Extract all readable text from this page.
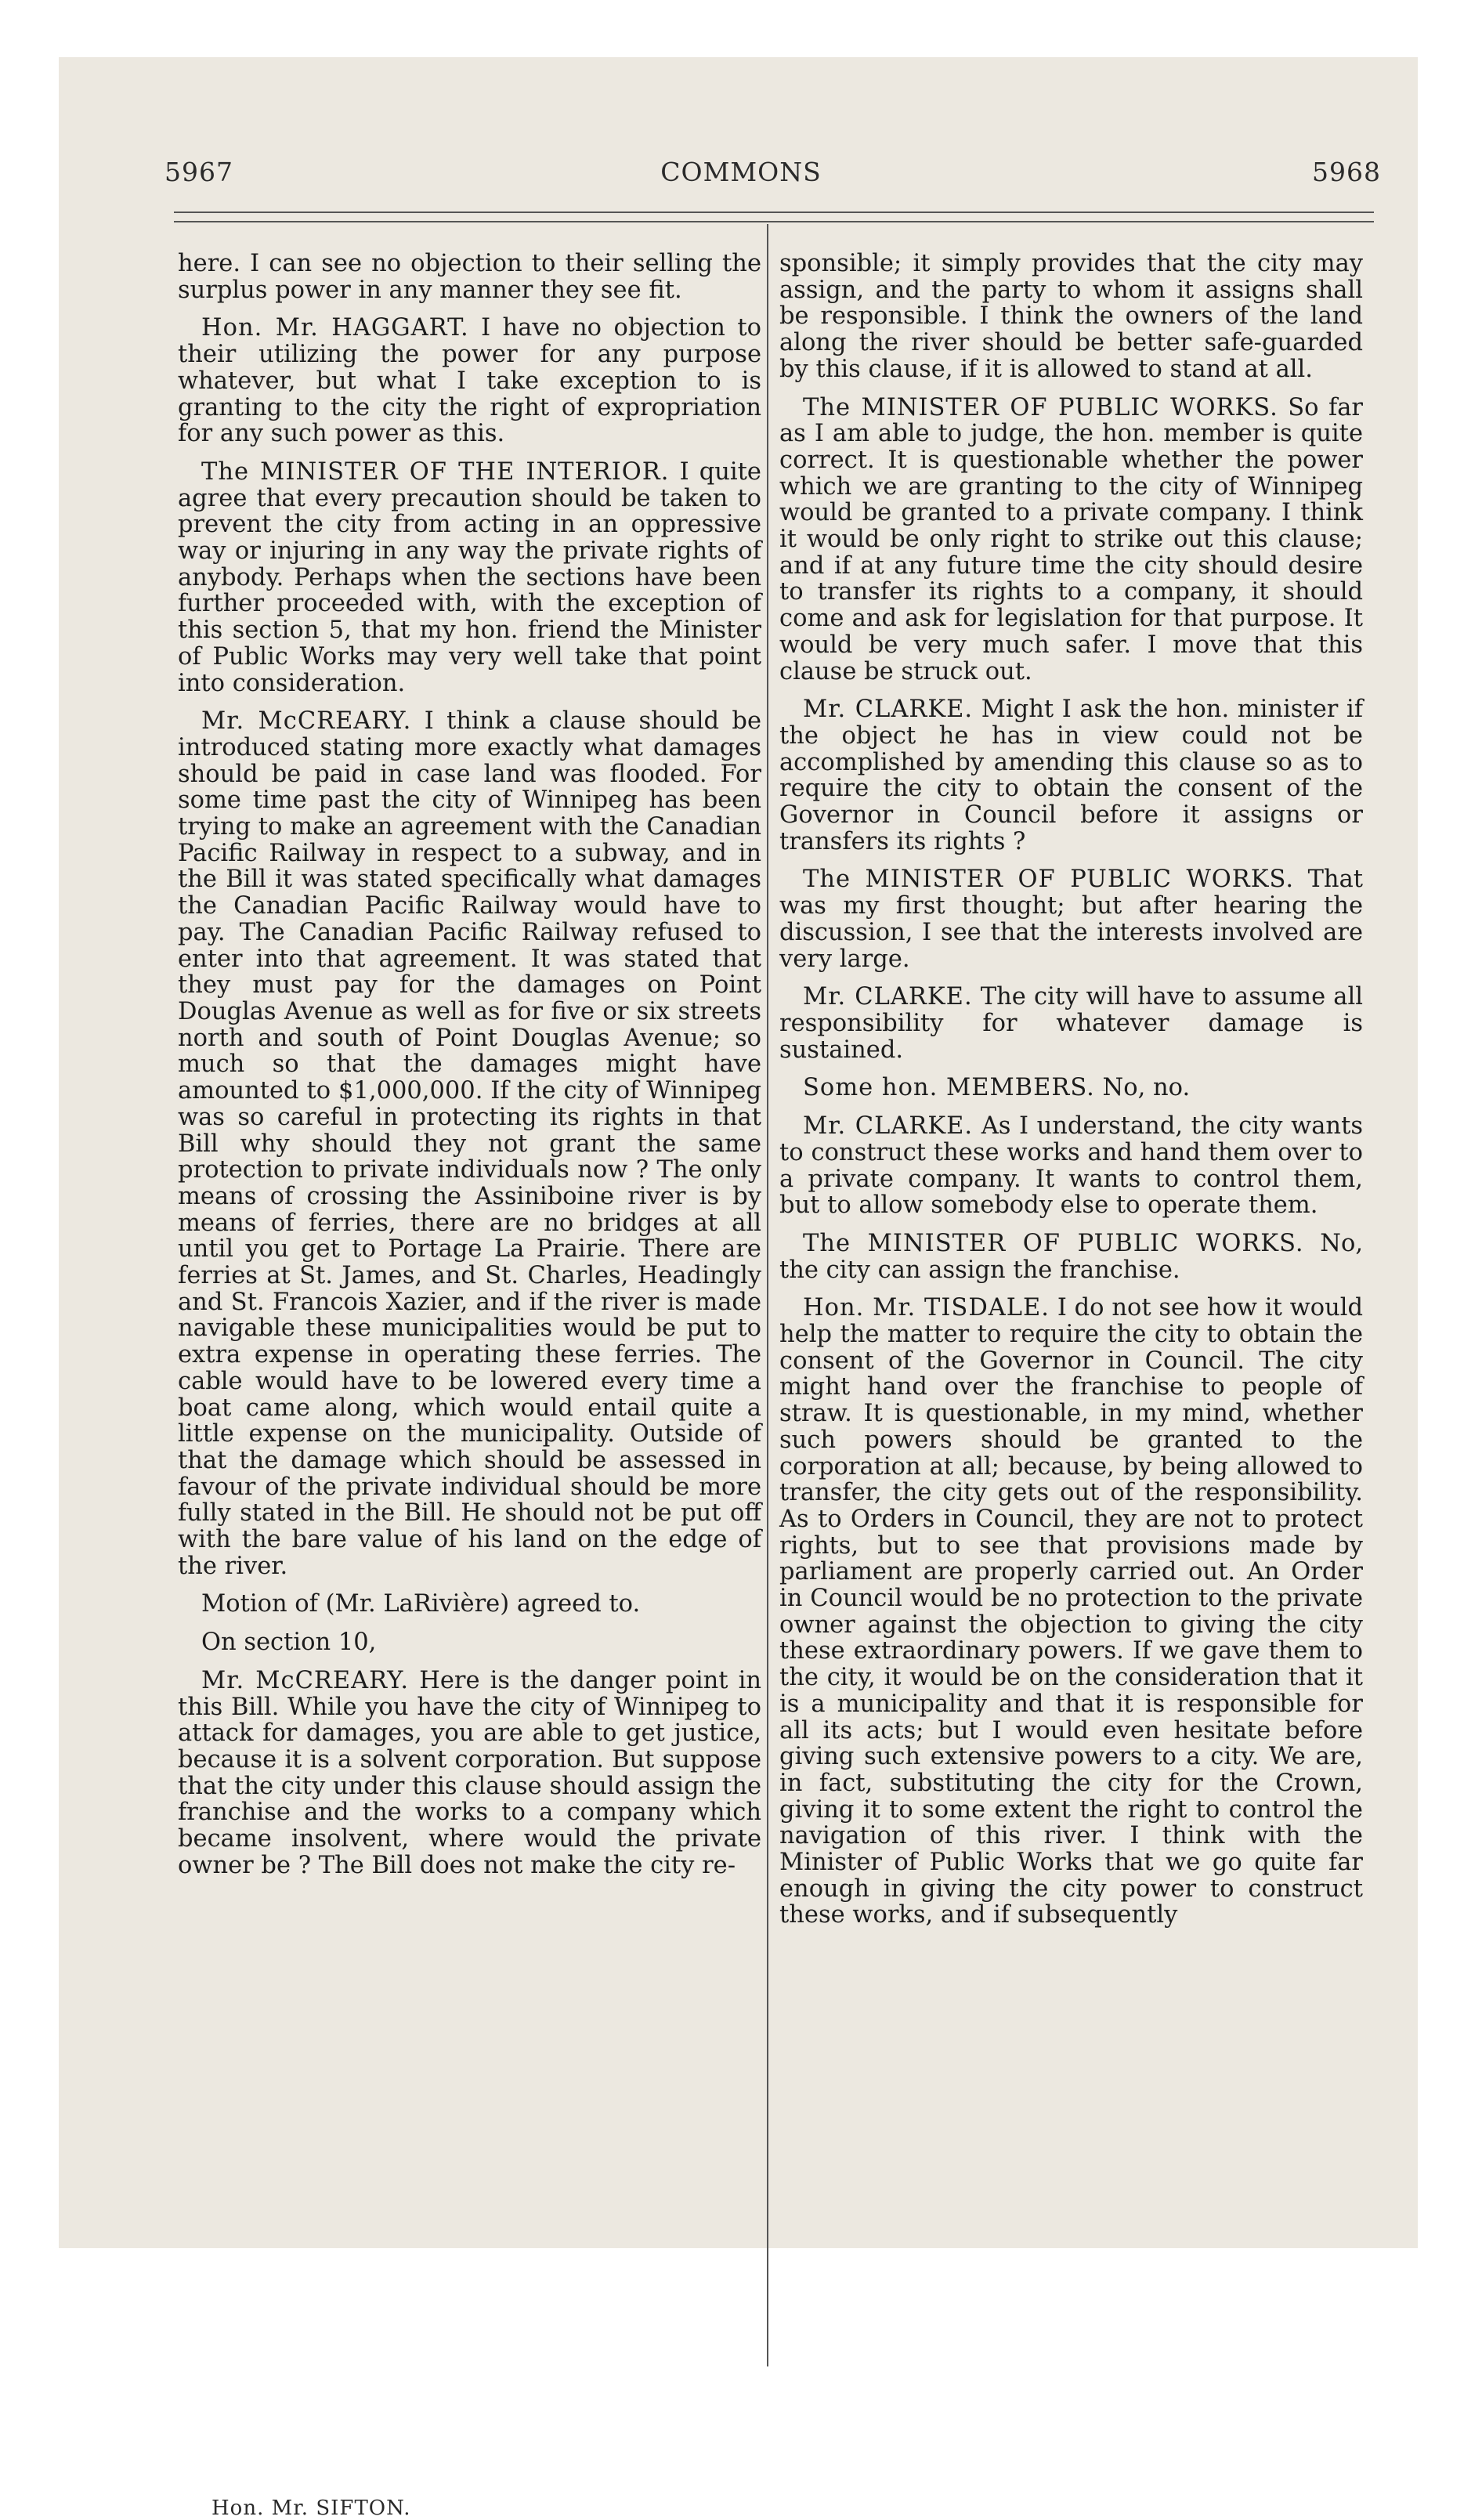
5967	COMMONS	5968

here. I can see no objection to their selling the surplus power in any manner they see fit.

Hon. Mr. HAGGART. I have no objection to their utilizing the power for any purpose whatever, but what I take exception to is granting to the city the right of expropriation for any such power as this.

The MINISTER OF THE INTERIOR. I quite agree that every precaution should be taken to prevent the city from acting in an oppressive way or injuring in any way the private rights of anybody. Perhaps when the sections have been further proceeded with, with the exception of this section 5, that my hon. friend the Minister of Public Works may very well take that point into consideration.

Mr. McCREARY. I think a clause should be introduced stating more exactly what damages should be paid in case land was flooded. For some time past the city of Winnipeg has been trying to make an agreement with the Canadian Pacific Railway in respect to a subway, and in the Bill it was stated specifically what damages the Canadian Pacific Railway would have to pay. The Canadian Pacific Railway refused to enter into that agreement. It was stated that they must pay for the damages on Point Douglas Avenue as well as for five or six streets north and south of Point Douglas Avenue; so much so that the damages might have amounted to $1,000,000. If the city of Winnipeg was so careful in protecting its rights in that Bill why should they not grant the same protection to private individuals now ? The only means of crossing the Assiniboine river is by means of ferries, there are no bridges at all until you get to Portage La Prairie. There are ferries at St. James, and St. Charles, Headingly and St. Francois Xazier, and if the river is made navigable these municipalities would be put to extra expense in operating these ferries. The cable would have to be lowered every time a boat came along, which would entail quite a little expense on the municipality. Outside of that the damage which should be assessed in favour of the private individual should be more fully stated in the Bill. He should not be put off with the bare value of his land on the edge of the river.

Motion of (Mr. LaRivière) agreed to.

On section 10,

Mr. McCREARY. Here is the danger point in this Bill. While you have the city of Winnipeg to attack for damages, you are able to get justice, because it is a solvent corporation. But suppose that the city under this clause should assign the franchise and the works to a company which became insolvent, where would the private owner be ? The Bill does not make the city re-

sponsible; it simply provides that the city may assign, and the party to whom it assigns shall be responsible. I think the owners of the land along the river should be better safe-guarded by this clause, if it is allowed to stand at all.

The MINISTER OF PUBLIC WORKS. So far as I am able to judge, the hon. member is quite correct. It is questionable whether the power which we are granting to the city of Winnipeg would be granted to a private company. I think it would be only right to strike out this clause; and if at any future time the city should desire to transfer its rights to a company, it should come and ask for legislation for that purpose. It would be very much safer. I move that this clause be struck out.

Mr. CLARKE. Might I ask the hon. minister if the object he has in view could not be accomplished by amending this clause so as to require the city to obtain the consent of the Governor in Council before it assigns or transfers its rights ?

The MINISTER OF PUBLIC WORKS. That was my first thought; but after hearing the discussion, I see that the interests involved are very large.

Mr. CLARKE. The city will have to assume all responsibility for whatever damage is sustained.

Some hon. MEMBERS. No, no.

Mr. CLARKE. As I understand, the city wants to construct these works and hand them over to a private company. It wants to control them, but to allow somebody else to operate them.

The MINISTER OF PUBLIC WORKS. No, the city can assign the franchise.

Hon. Mr. TISDALE. I do not see how it would help the matter to require the city to obtain the consent of the Governor in Council. The city might hand over the franchise to people of straw. It is questionable, in my mind, whether such powers should be granted to the corporation at all; because, by being allowed to transfer, the city gets out of the responsibility. As to Orders in Council, they are not to protect rights, but to see that provisions made by parliament are properly carried out. An Order in Council would be no protection to the private owner against the objection to giving the city these extraordinary powers. If we gave them to the city, it would be on the consideration that it is a municipality and that it is responsible for all its acts; but I would even hesitate before giving such extensive powers to a city. We are, in fact, substituting the city for the Crown, giving it to some extent the right to control the navigation of this river. I think with the Minister of Public Works that we go quite far enough in giving the city power to construct these works, and if subsequently

Hon. Mr. SIFTON.
